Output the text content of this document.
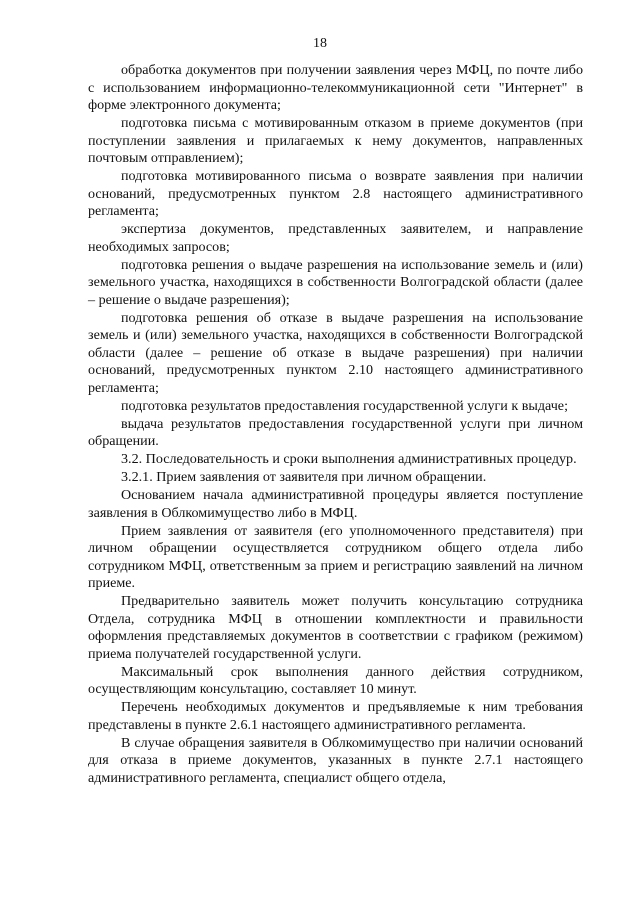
18

обработка документов при получении заявления через МФЦ, по почте либо с использованием информационно-телекоммуникационной сети "Интернет" в форме электронного документа;

подготовка письма с мотивированным отказом в приеме документов (при поступлении заявления и прилагаемых к нему документов, направленных почтовым отправлением);

подготовка мотивированного письма о возврате заявления при наличии оснований, предусмотренных пунктом 2.8 настоящего административного регламента;

экспертиза документов, представленных заявителем, и направление необходимых запросов;

подготовка решения о выдаче разрешения на использование земель и (или) земельного участка, находящихся в собственности Волгоградской области (далее – решение о выдаче разрешения);

подготовка решения об отказе в выдаче разрешения на использование земель и (или) земельного участка, находящихся в собственности Волгоградской области (далее – решение об отказе в выдаче разрешения) при наличии оснований, предусмотренных пунктом 2.10 настоящего административного регламента;

подготовка результатов предоставления государственной услуги к выдаче;

выдача результатов предоставления государственной услуги при личном обращении.

3.2. Последовательность и сроки выполнения административных процедур.

3.2.1. Прием заявления от заявителя при личном обращении.

Основанием начала административной процедуры является поступление заявления в Облкомимущество либо в МФЦ.

Прием заявления от заявителя (его уполномоченного представителя) при личном обращении осуществляется сотрудником общего отдела либо сотрудником МФЦ, ответственным за прием и регистрацию заявлений на личном приеме.

Предварительно заявитель может получить консультацию сотрудника Отдела, сотрудника МФЦ в отношении комплектности и правильности оформления представляемых документов в соответствии с графиком (режимом) приема получателей государственной услуги.

Максимальный срок выполнения данного действия сотрудником, осуществляющим консультацию, составляет 10 минут.

Перечень необходимых документов и предъявляемые к ним требования представлены в пункте 2.6.1 настоящего административного регламента.

В случае обращения заявителя в Облкомимущество при наличии оснований для отказа в приеме документов, указанных в пункте 2.7.1 настоящего административного регламента, специалист общего отдела,
